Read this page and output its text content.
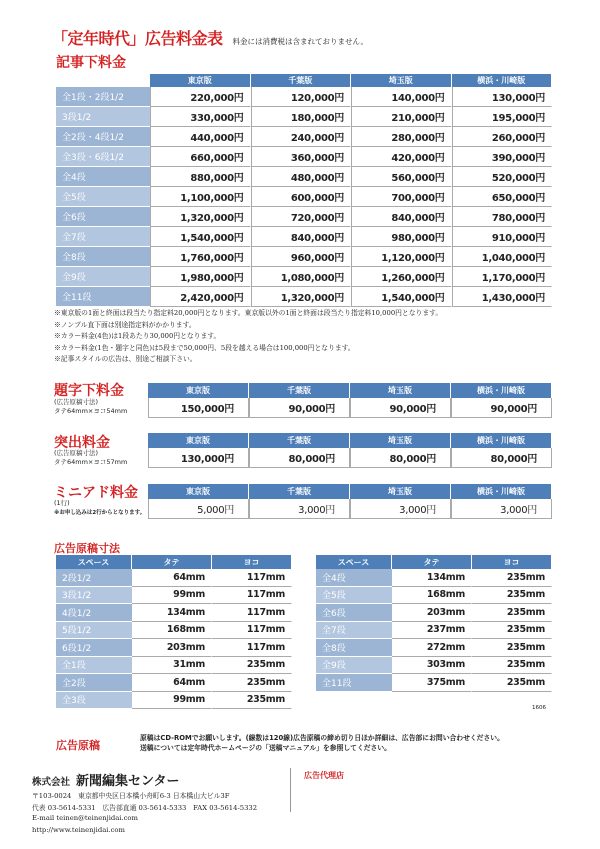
「定年時代」広告料金表 料金には消費税は含まれておりません。
記事下料金
	東京版	千葉版	埼玉版	横浜・川崎版
全1段・2段1/2	220,000円	120,000円	140,000円	130,000円
3段1/2	330,000円	180,000円	210,000円	195,000円
全2段・4段1/2	440,000円	240,000円	280,000円	260,000円
全3段・6段1/2	660,000円	360,000円	420,000円	390,000円
全4段	880,000円	480,000円	560,000円	520,000円
全5段	1,100,000円	600,000円	700,000円	650,000円
全6段	1,320,000円	720,000円	840,000円	780,000円
全7段	1,540,000円	840,000円	980,000円	910,000円
全8段	1,760,000円	960,000円	1,120,000円	1,040,000円
全9段	1,980,000円	1,080,000円	1,260,000円	1,170,000円
全11段	2,420,000円	1,320,000円	1,540,000円	1,430,000円
※東京版の1面と終面は段当たり指定料20,000円となります。東京版以外の1面と終面は段当たり指定料10,000円となります。
※ノンブル直下面は別途指定料がかかります。
※カラー料金(4色)は1段あたり30,000円となります。
※カラー料金(1色・題字と同色)は5段まで50,000円、5段を越える場合は100,000円となります。
※記事スタイルの広告は、別途ご相談下さい。
題字下料金
(広告原稿寸法)
タテ64mm×ヨコ54mm
東京版	千葉版	埼玉版	横浜・川崎版
150,000円	90,000円	90,000円	90,000円
突出料金
(広告原稿寸法)
タテ64mm×ヨコ57mm
東京版	千葉版	埼玉版	横浜・川崎版
130,000円	80,000円	80,000円	80,000円
ミニアド料金
(1行)
※お申し込みは2行からとなります。
東京版	千葉版	埼玉版	横浜・川崎版
5,000円	3,000円	3,000円	3,000円
広告原稿寸法
スペース	タテ	ヨコ
2段1/2	64mm	117mm
3段1/2	99mm	117mm
4段1/2	134mm	117mm
5段1/2	168mm	117mm
6段1/2	203mm	117mm
全1段	31mm	235mm
全2段	64mm	235mm
全3段	99mm	235mm
スペース	タテ	ヨコ
全4段	134mm	235mm
全5段	168mm	235mm
全6段	203mm	235mm
全7段	237mm	235mm
全8段	272mm	235mm
全9段	303mm	235mm
全11段	375mm	235mm
1606
広告原稿
原稿はCD-ROMでお願いします。(線数は120線)広告原稿の締め切り日ほか詳細は、広告部にお問い合わせください。
送稿については定年時代ホームページの「送稿マニュアル」を参照してください。
株式会社 新聞編集センター
〒103-0024　東京都中央区日本橋小舟町6-3 日本橋山大ビル3F
代表 03-5614-5331　広告部直通 03-5614-5333　FAX 03-5614-5332
E-mail teinen@teinenjidai.com
http://www.teinenjidai.com
広告代理店
